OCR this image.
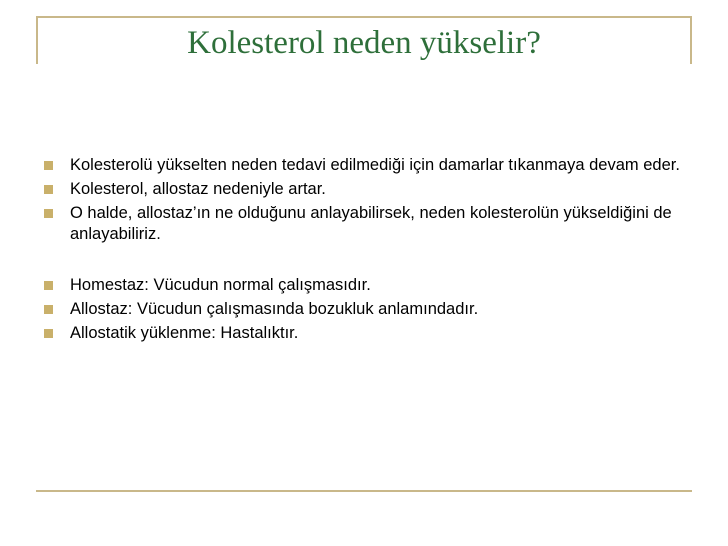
Kolesterol neden yükselir?
Kolesterolü yükselten neden tedavi edilmediği için damarlar tıkanmaya devam eder.
Kolesterol, allostaz nedeniyle artar.
O halde, allostaz’ın ne olduğunu anlayabilirsek, neden kolesterolün yükseldiğini de anlayabiliriz.
Homestaz: Vücudun normal çalışmasıdır.
Allostaz: Vücudun çalışmasında bozukluk anlamındadır.
Allostatik yüklenme: Hastalıktır.
